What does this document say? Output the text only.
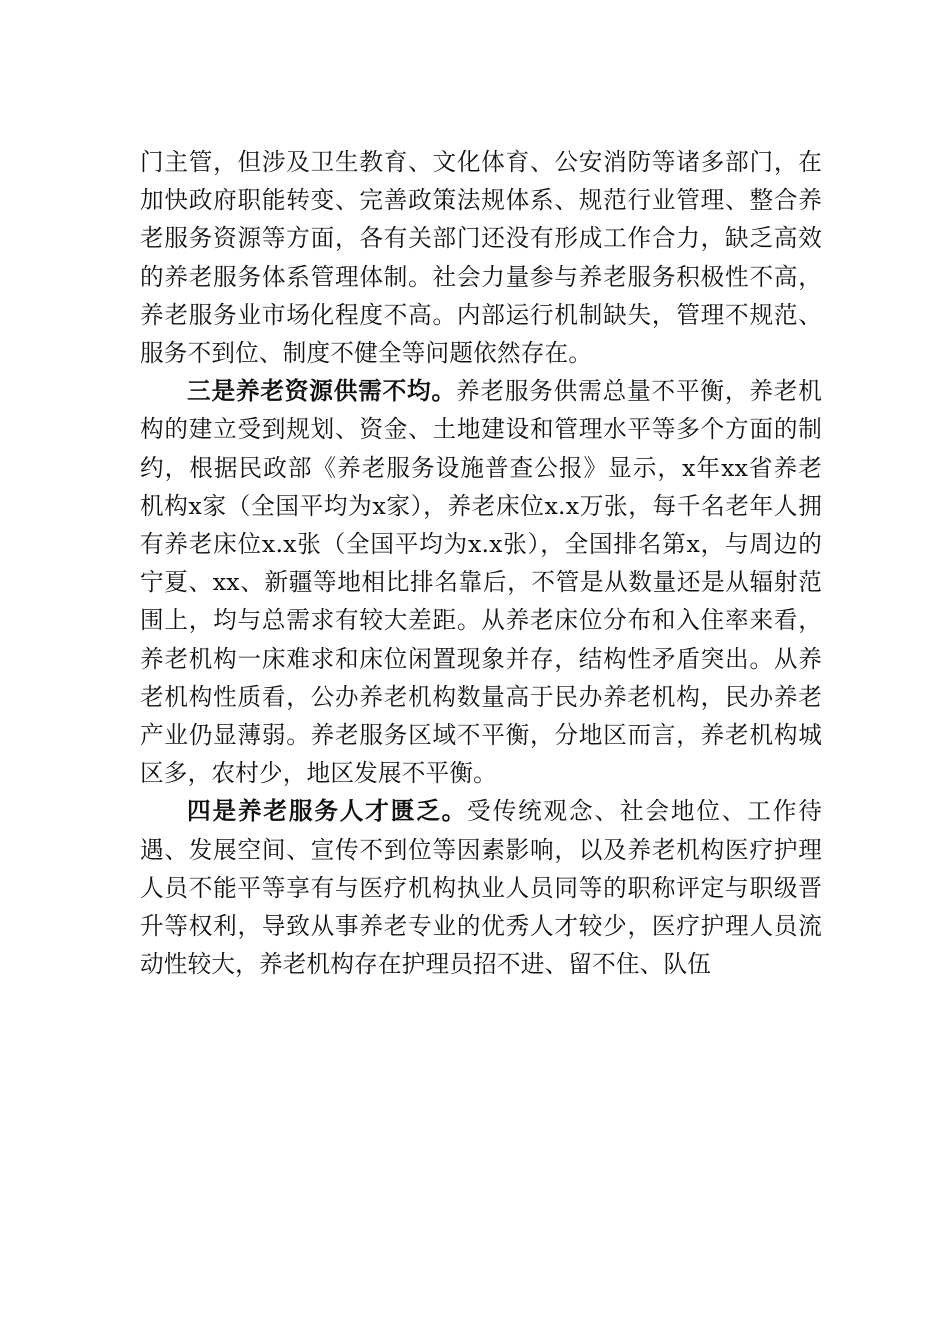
门主管，但涉及卫生教育、文化体育、公安消防等诸多部门，在加快政府职能转变、完善政策法规体系、规范行业管理、整合养老服务资源等方面，各有关部门还没有形成工作合力，缺乏高效的养老服务体系管理体制。社会力量参与养老服务积极性不高，养老服务业市场化程度不高。内部运行机制缺失，管理不规范、服务不到位、制度不健全等问题依然存在。

三是养老资源供需不均。养老服务供需总量不平衡，养老机构的建立受到规划、资金、土地建设和管理水平等多个方面的制约，根据民政部《养老服务设施普查公报》显示，x年xx省养老机构x家（全国平均为x家），养老床位x.x万张，每千名老年人拥有养老床位x.x张（全国平均为x.x张），全国排名第x，与周边的宁夏、xx、新疆等地相比排名靠后，不管是从数量还是从辐射范围上，均与总需求有较大差距。从养老床位分布和入住率来看，养老机构一床难求和床位闲置现象并存，结构性矛盾突出。从养老机构性质看，公办养老机构数量高于民办养老机构，民办养老产业仍显薄弱。养老服务区域不平衡，分地区而言，养老机构城区多，农村少，地区发展不平衡。

四是养老服务人才匮乏。受传统观念、社会地位、工作待遇、发展空间、宣传不到位等因素影响，以及养老机构医疗护理人员不能平等享有与医疗机构执业人员同等的职称评定与职级晋升等权利，导致从事养老专业的优秀人才较少，医疗护理人员流动性较大，养老机构存在护理员招不进、留不住、队伍
